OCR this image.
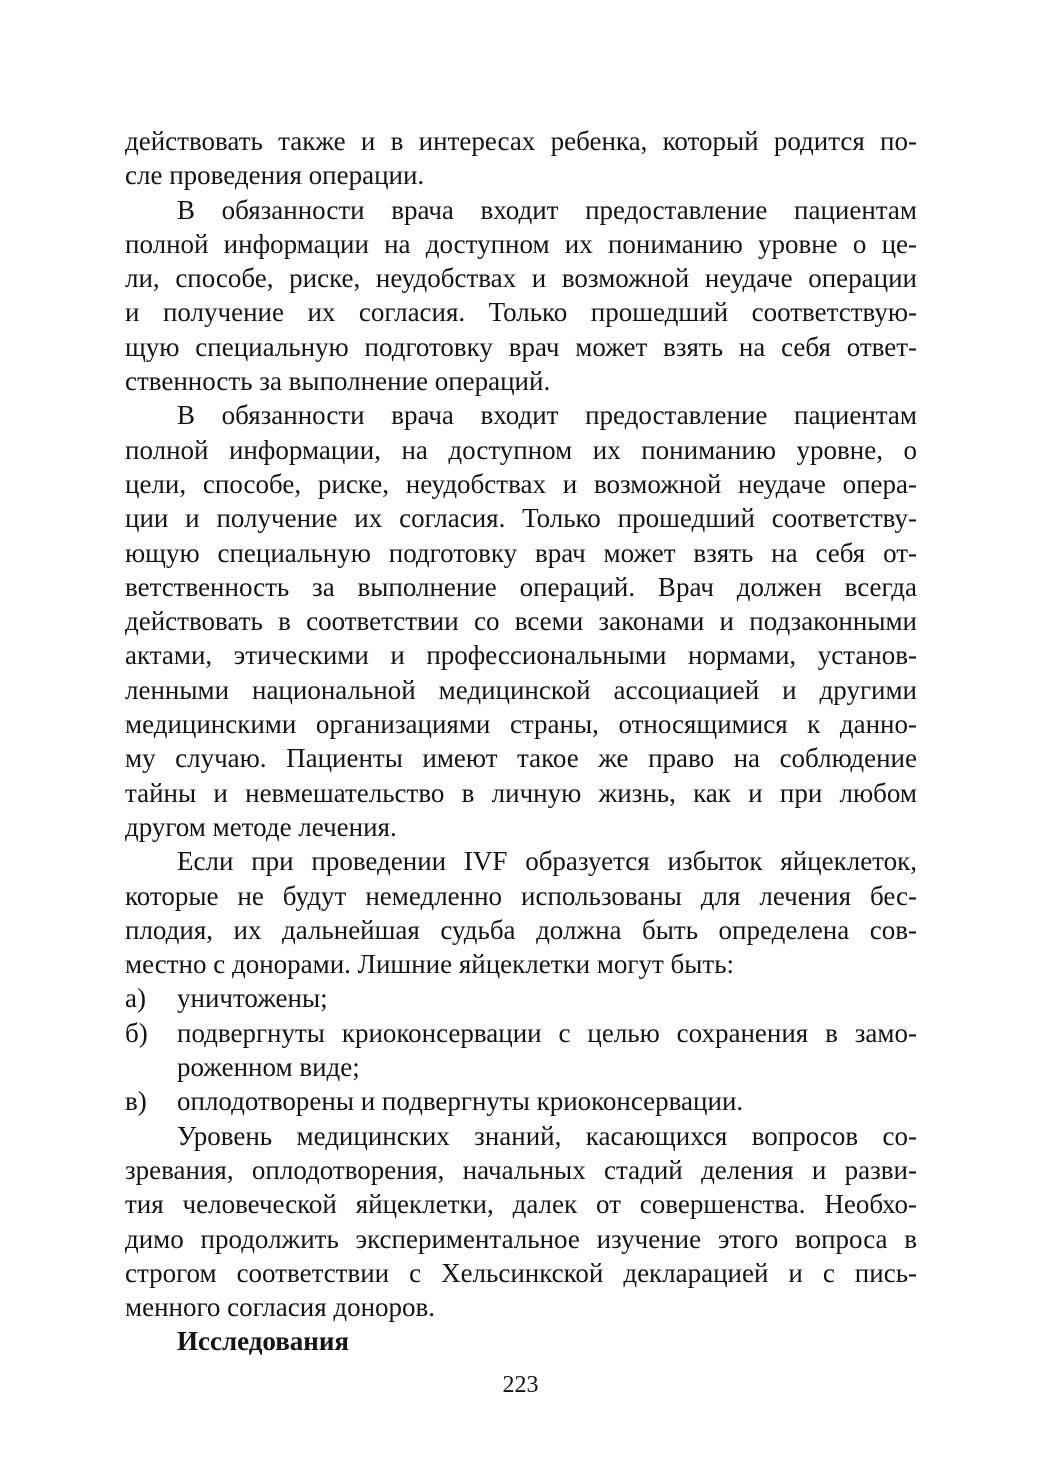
действовать также и в интересах ребенка, который родится по-
сле проведения операции.
В обязанности врача входит предоставление пациентам
полной информации на доступном их пониманию уровне о це-
ли, способе, риске, неудобствах и возможной неудаче операции
и получение их согласия. Только прошедший соответствую-
щую специальную подготовку врач может взять на себя ответ-
ственность за выполнение операций.
В обязанности врача входит предоставление пациентам
полной информации, на доступном их пониманию уровне, о
цели, способе, риске, неудобствах и возможной неудаче опера-
ции и получение их согласия. Только прошедший соответству-
ющую специальную подготовку врач может взять на себя от-
ветственность за выполнение операций. Врач должен всегда
действовать в соответствии со всеми законами и подзаконными
актами, этическими и профессиональными нормами, установ-
ленными национальной медицинской ассоциацией и другими
медицинскими организациями страны, относящимися к данно-
му случаю. Пациенты имеют такое же право на соблюдение
тайны и невмешательство в личную жизнь, как и при любом
другом методе лечения.
Если при проведении IVF образуется избыток яйцеклеток,
которые не будут немедленно использованы для лечения бес-
плодия, их дальнейшая судьба должна быть определена сов-
местно с донорами. Лишние яйцеклетки могут быть:
а)	уничтожены;
б)	подвергнуты криоконсервации с целью сохранения в замо-
роженном виде;
в)	оплодотворены и подвергнуты криоконсервации.
Уровень медицинских знаний, касающихся вопросов со-
зревания, оплодотворения, начальных стадий деления и разви-
тия человеческой яйцеклетки, далек от совершенства. Необхо-
димо продолжить экспериментальное изучение этого вопроса в
строгом соответствии с Хельсинкской декларацией и с пись-
менного согласия доноров.
Исследования
223
